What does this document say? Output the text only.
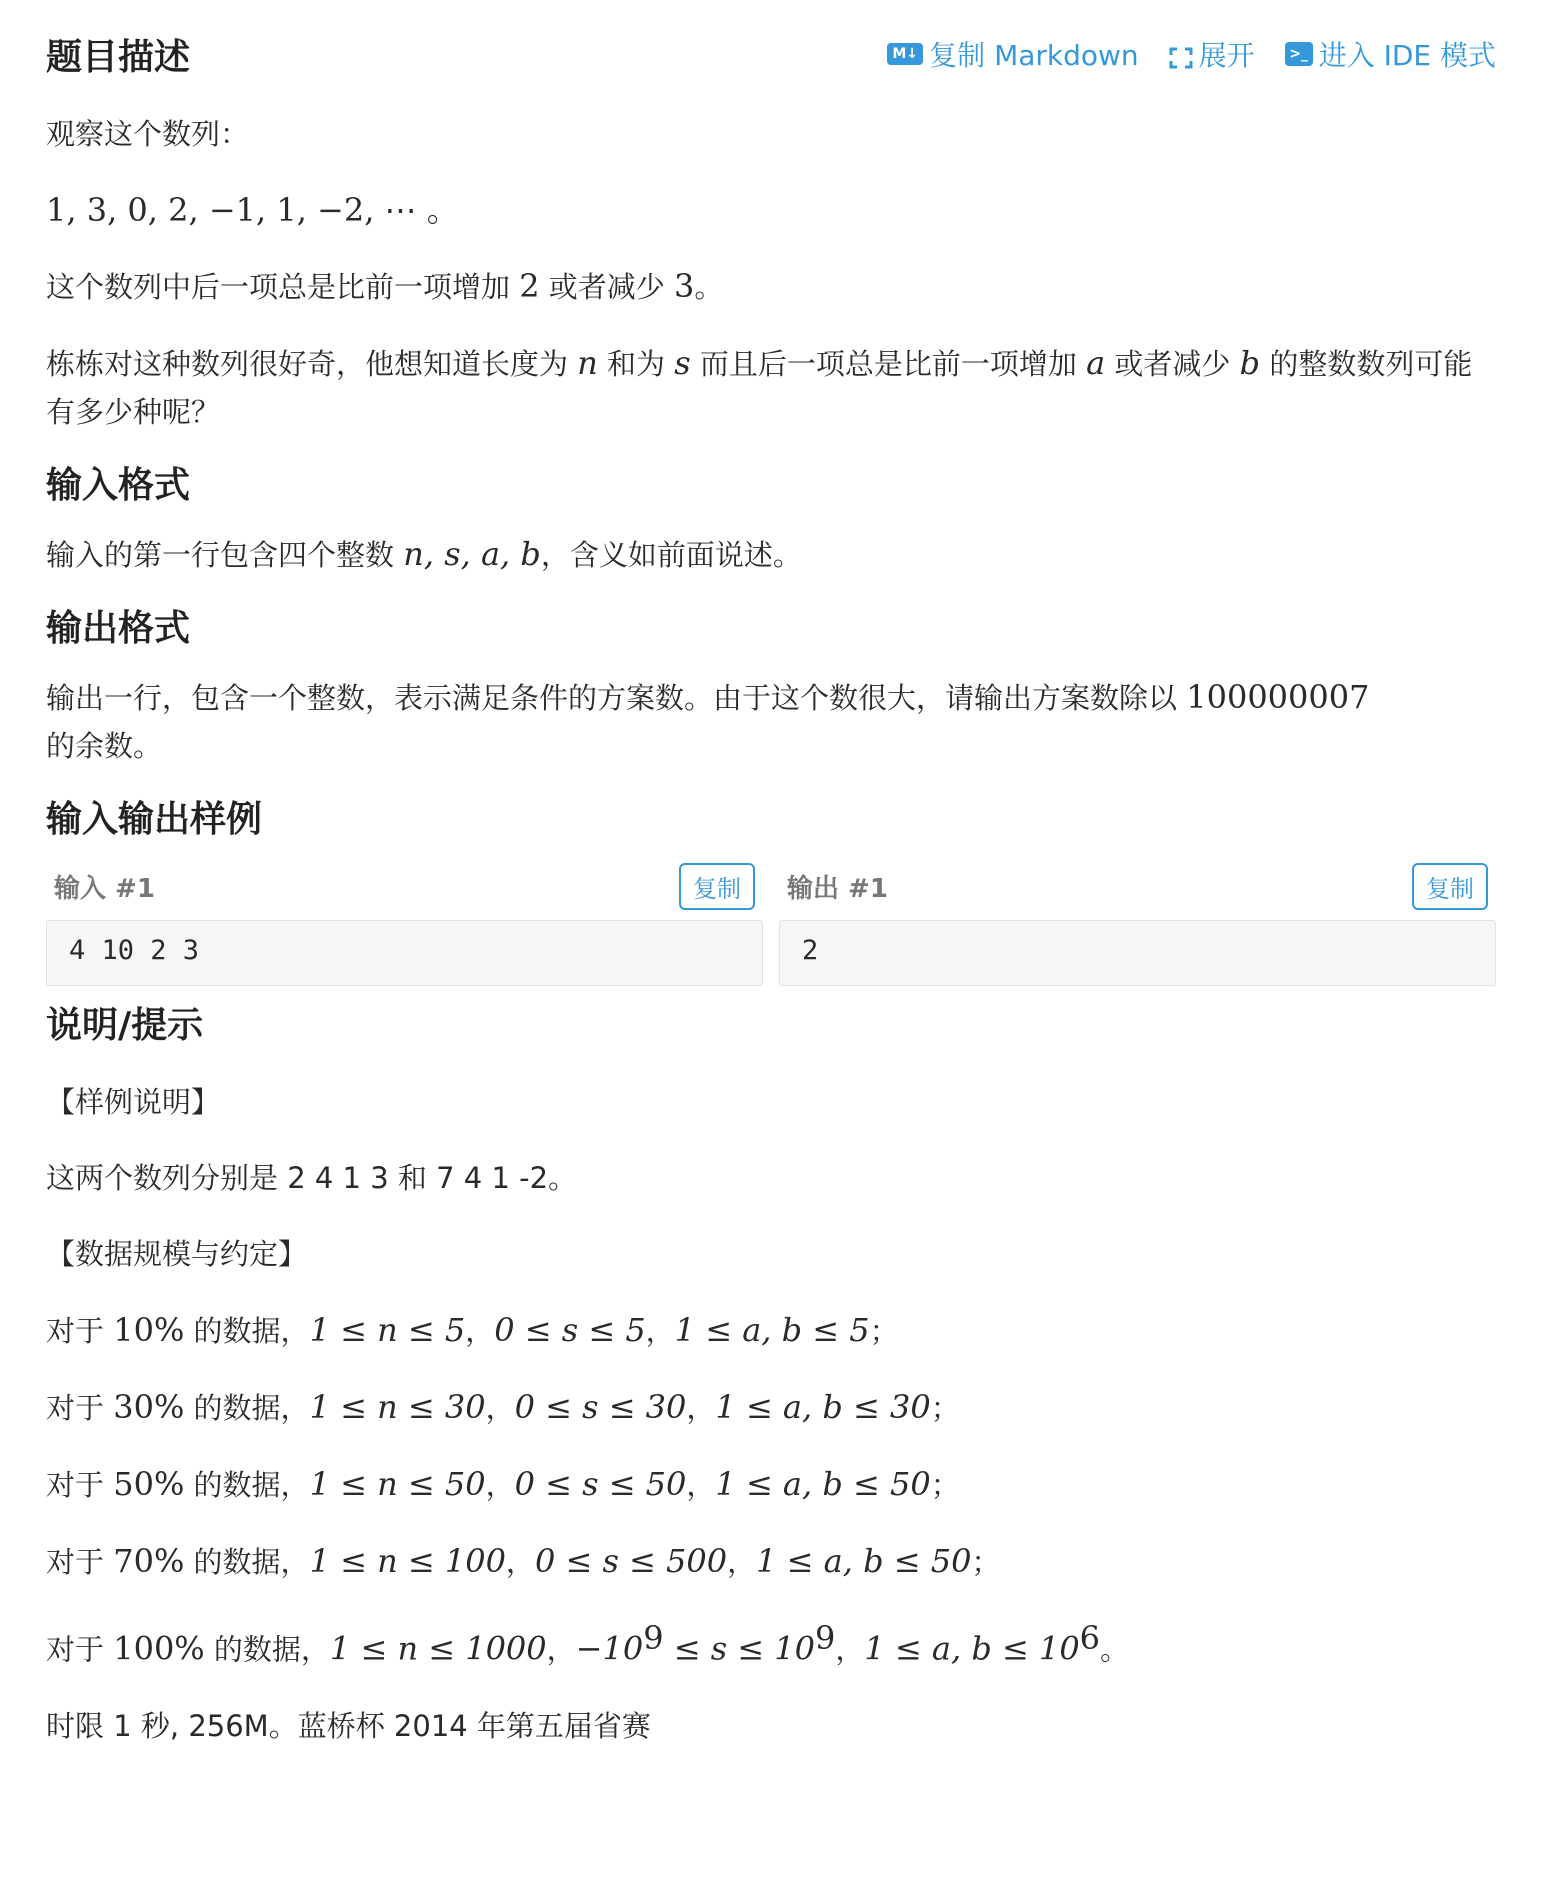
题目描述	M↓ 复制 Markdown 展开	>_ 进入 IDE 模式

观察这个数列：

1, 3, 0, 2, −1, 1, −2, ⋯ 。

这个数列中后一项总是比前一项增加 2 或者减少 3。

栋栋对这种数列很好奇，他想知道长度为 n 和为 s 而且后一项总是比前一项增加 a 或者减少 b 的整数数列可能有多少种呢？

输入格式

输入的第一行包含四个整数 n, s, a, b，含义如前面说述。

输出格式

输出一行，包含一个整数，表示满足条件的方案数。由于这个数很大，请输出方案数除以 100000007
的余数。

输入输出样例
输入 #1	复制
4 10 2 3
输出 #1	复制
2
说明/提示

【样例说明】

这两个数列分别是 2 4 1 3 和 7 4 1 -2。

【数据规模与约定】

对于 10% 的数据，1 ≤ n ≤ 5，0 ≤ s ≤ 5，1 ≤ a, b ≤ 5；

对于 30% 的数据，1 ≤ n ≤ 30，0 ≤ s ≤ 30，1 ≤ a, b ≤ 30；

对于 50% 的数据，1 ≤ n ≤ 50，0 ≤ s ≤ 50，1 ≤ a, b ≤ 50；

对于 70% 的数据，1 ≤ n ≤ 100，0 ≤ s ≤ 500，1 ≤ a, b ≤ 50；

对于 100% 的数据，1 ≤ n ≤ 1000，$-10^9 \le s \le 10^9$，1 ≤ a, $b \le 10^6$。

时限 1 秒, 256M。蓝桥杯 2014 年第五届省赛
